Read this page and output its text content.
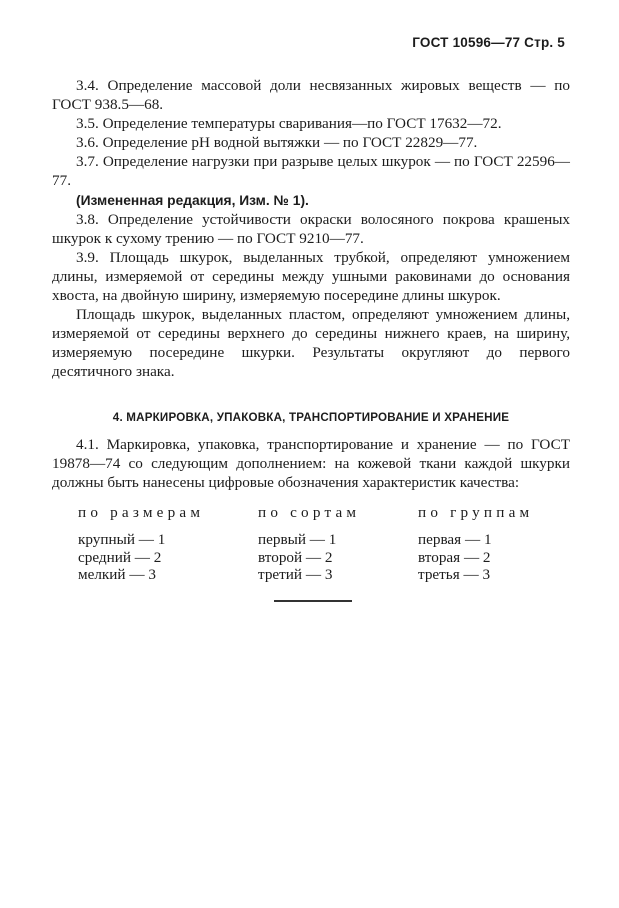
ГОСТ 10596—77 Стр. 5

3.4. Определение массовой доли несвязанных жировых веществ — по ГОСТ 938.5—68.

3.5. Определение температуры сваривания—по ГОСТ 17632—72.

3.6. Определение рН водной вытяжки — по ГОСТ 22829—77.

3.7. Определение нагрузки при разрыве целых шкурок — по ГОСТ 22596—77.

(Измененная редакция, Изм. № 1).

3.8. Определение устойчивости окраски волосяного покрова крашеных шкурок к сухому трению — по ГОСТ 9210—77.

3.9. Площадь шкурок, выделанных трубкой, определяют умножением длины, измеряемой от середины между ушными раковинами до основания хвоста, на двойную ширину, измеряемую посередине длины шкурок.

Площадь шкурок, выделанных пластом, определяют умножением длины, измеряемой от середины верхнего до середины нижнего краев, на ширину, измеряемую посередине шкурки. Результаты округляют до первого десятичного знака.

4. МАРКИРОВКА, УПАКОВКА, ТРАНСПОРТИРОВАНИЕ И ХРАНЕНИЕ

4.1. Маркировка, упаковка, транспортирование и хранение — по ГОСТ 19878—74 со следующим дополнением: на кожевой ткани каждой шкурки должны быть нанесены цифровые обозначения характеристик качества:

по размерам	по сортам	по группам
крупный — 1	первый — 1	первая — 1
средний — 2	второй — 2	вторая — 2
мелкий — 3	третий — 3	третья — 3
